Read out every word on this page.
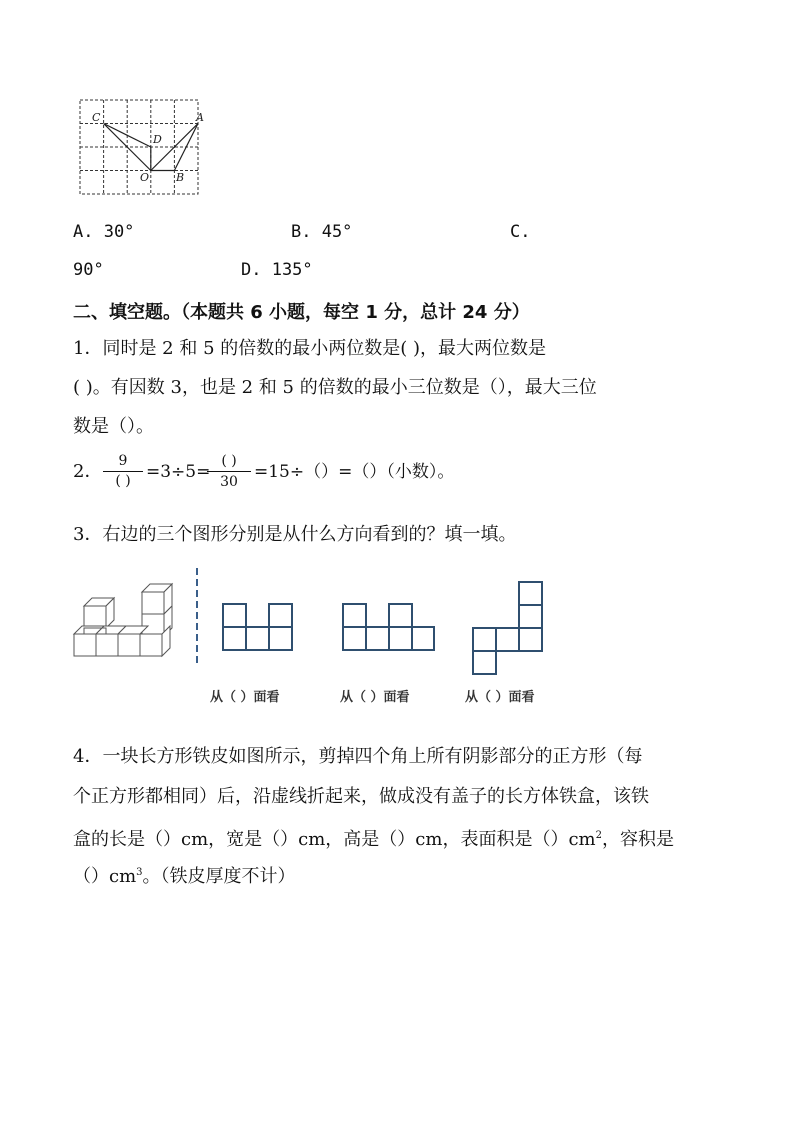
C	A
D
O B
A. 30°	B. 45°	C.
90°	D. 135°
二、填空题。（本题共 6 小题，每空 1 分，总计 24 分）
1．同时是 2 和 5 的倍数的最小两位数是( )，最大两位数是
( )。有因数 3，也是 2 和 5 的倍数的最小三位数是（），最大三位
数是（）。
2．	9
( ) =3÷5=
( )
30 =15÷（）=（）（小数）。
3．右边的三个图形分别是从什么方向看到的？填一填。
从（ ）面看	从（ ）面看	从（ ）面看
4．一块长方形铁皮如图所示，剪掉四个角上所有阴影部分的正方形（每
个正方形都相同）后，沿虚线折起来，做成没有盖子的长方体铁盒，该铁
盒的长是（）cm，宽是（）cm，高是（）cm，表面积是$()cm^2$，容积是
$()cm^3$。（铁皮厚度不计）
